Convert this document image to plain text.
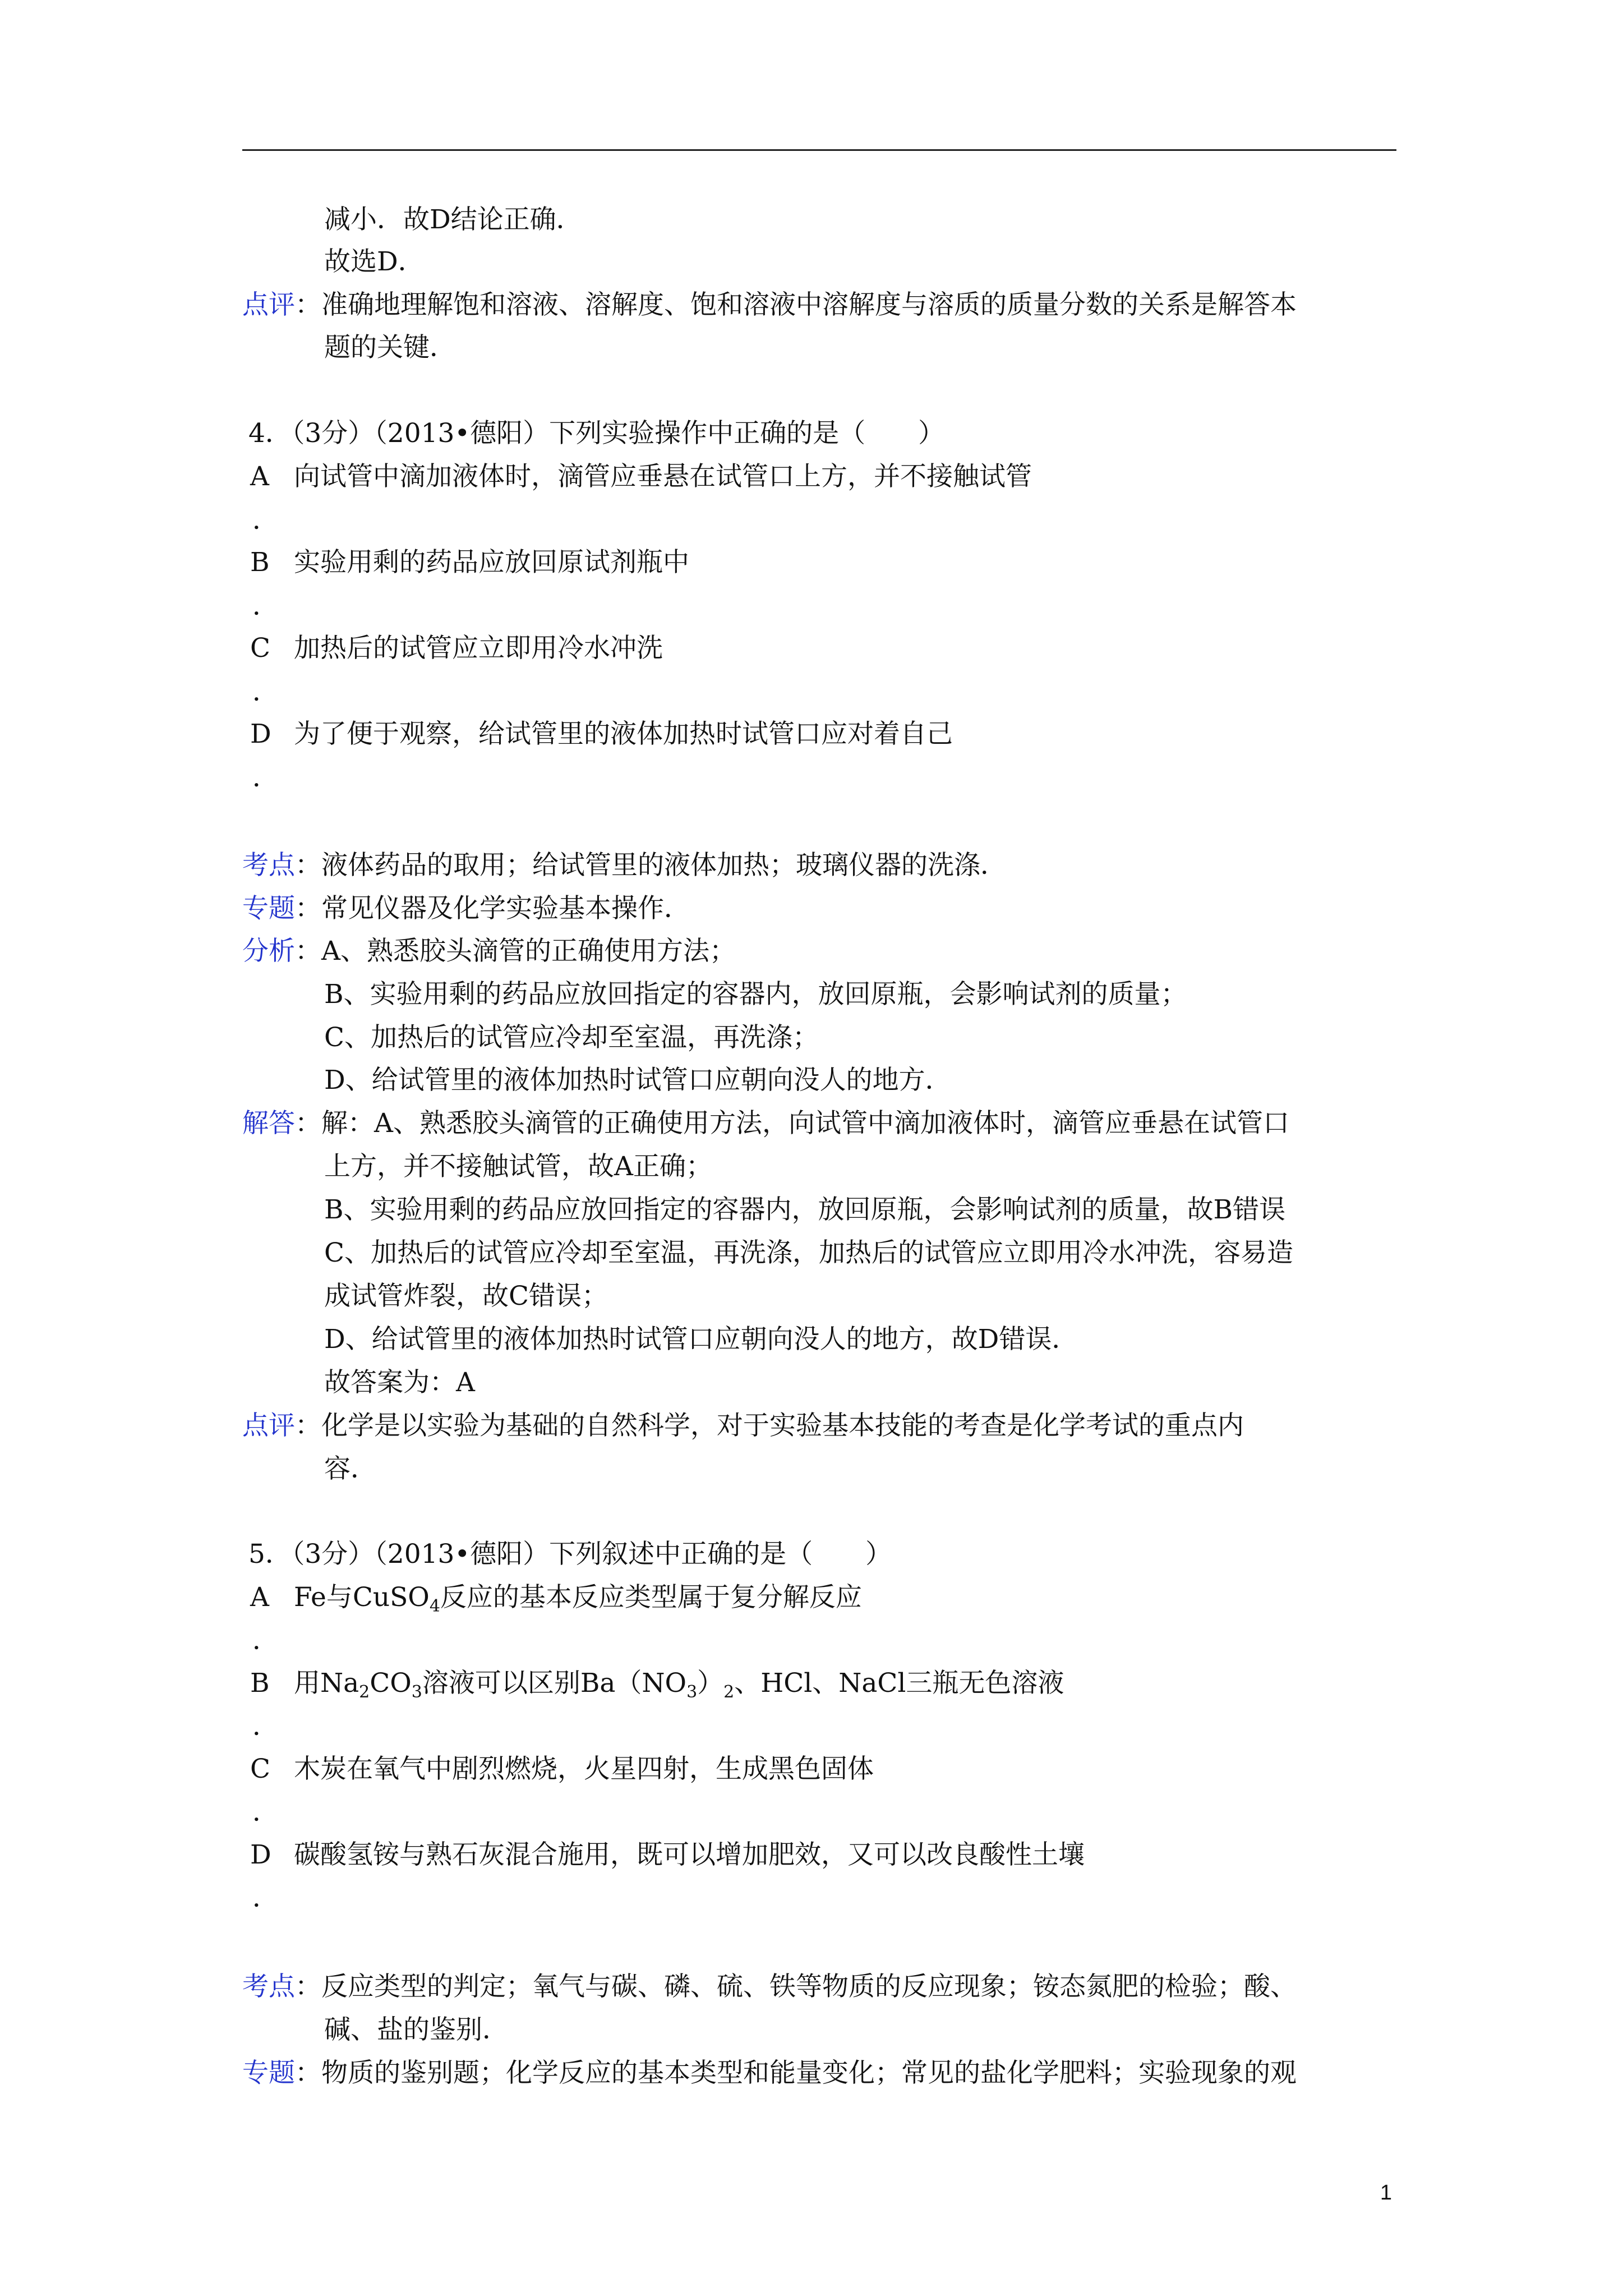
减小．故D结论正确．
故选D．
点评：准确地理解饱和溶液、溶解度、饱和溶液中溶解度与溶质的质量分数的关系是解答本
题的关键．
4．（3分）（2013•德阳）下列实验操作中正确的是（　　）
A 向试管中滴加液体时，滴管应垂悬在试管口上方，并不接触试管
．
B 实验用剩的药品应放回原试剂瓶中
．
C 加热后的试管应立即用冷水冲洗
．
D 为了便于观察，给试管里的液体加热时试管口应对着自己
．
考点：液体药品的取用；给试管里的液体加热；玻璃仪器的洗涤．
专题：常见仪器及化学实验基本操作．
分析：A、熟悉胶头滴管的正确使用方法；
B、实验用剩的药品应放回指定的容器内，放回原瓶，会影响试剂的质量；
C、加热后的试管应冷却至室温，再洗涤；
D、给试管里的液体加热时试管口应朝向没人的地方．
解答：解：A、熟悉胶头滴管的正确使用方法，向试管中滴加液体时，滴管应垂悬在试管口
上方，并不接触试管，故A正确；
B、实验用剩的药品应放回指定的容器内，放回原瓶，会影响试剂的质量，故B错误
C、加热后的试管应冷却至室温，再洗涤，加热后的试管应立即用冷水冲洗，容易造
成试管炸裂，故C错误；
D、给试管里的液体加热时试管口应朝向没人的地方，故D错误．
故答案为：A
点评：化学是以实验为基础的自然科学，对于实验基本技能的考查是化学考试的重点内
容．
5．（3分）（2013•德阳）下列叙述中正确的是（　　）
A Fe与CuSO$_4$反应的基本反应类型属于复分解反应
．
B 用$Na_2CO_3$溶液可以区别$Ba(NO_3)_2$、HCl、NaCl三瓶无色溶液
．
C 木炭在氧气中剧烈燃烧，火星四射，生成黑色固体
．
D 碳酸氢铵与熟石灰混合施用，既可以增加肥效，又可以改良酸性土壤
．
考点：反应类型的判定；氧气与碳、磷、硫、铁等物质的反应现象；铵态氮肥的检验；酸、
碱、盐的鉴别．
专题：物质的鉴别题；化学反应的基本类型和能量变化；常见的盐化学肥料；实验现象的观
1
